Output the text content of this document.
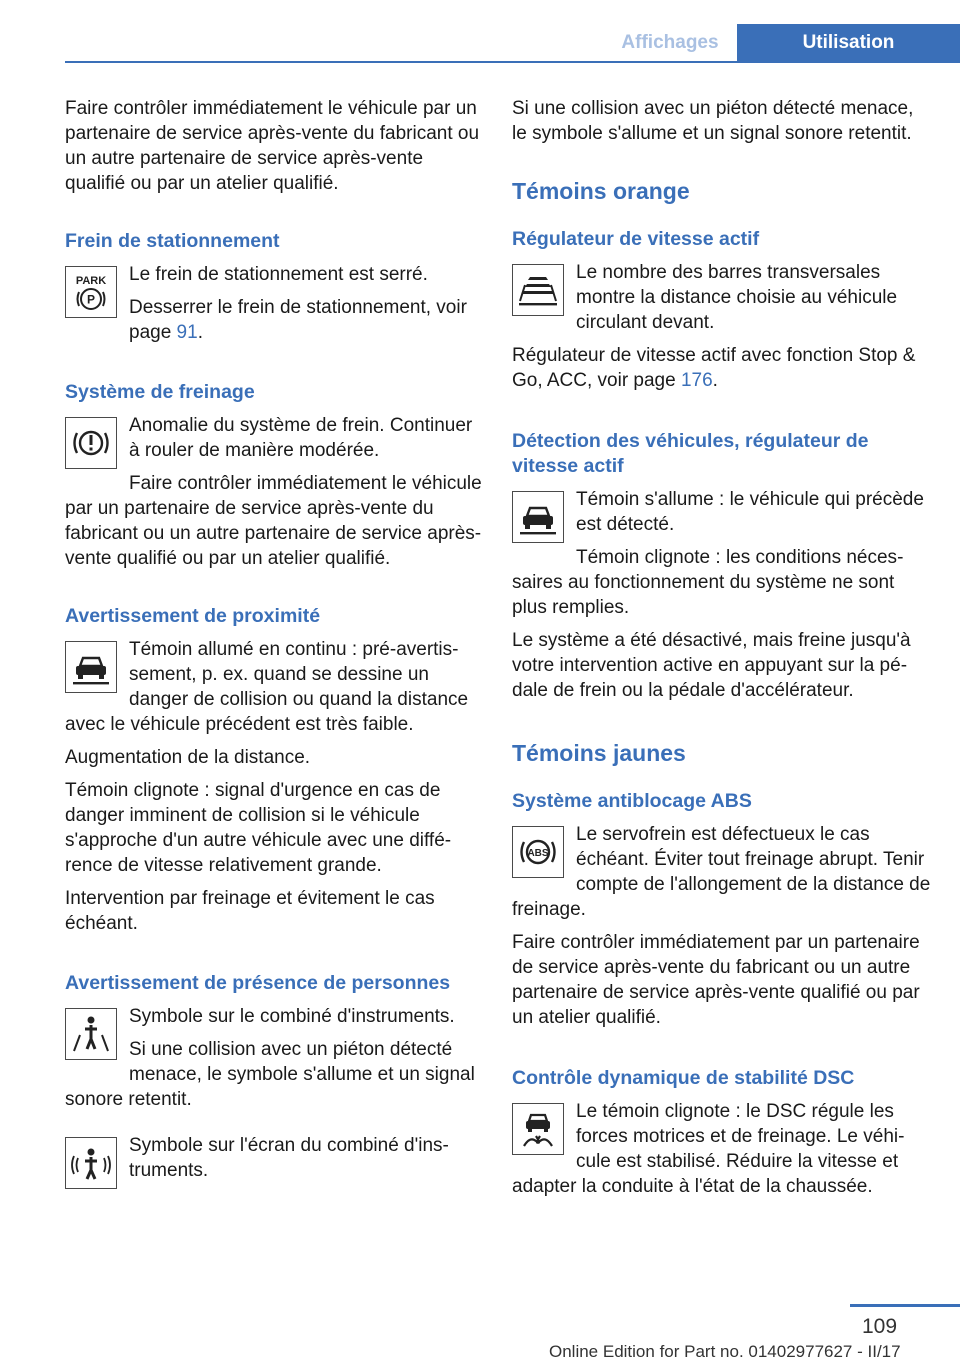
Affichages	Utilisation

Faire contrôler immédiatement le véhicule par un partenaire de service après-vente du fabricant ou un autre partenaire de service après-vente qualifié ou par un atelier qualifié.

Frein de stationnement

PARK
P

Le frein de stationnement est serré.

Desserrer le frein de stationnement, voir page 91.

Système de freinage

Anomalie du système de frein. Continuer à rouler de manière modérée.

Faire contrôler immédiatement le véhicule par un partenaire de service après-vente du fabricant ou un autre partenaire de service après-vente qualifié ou par un atelier qualifié.

Avertissement de proximité

Témoin allumé en continu : pré-avertissement, p. ex. quand se dessine un danger de collision ou quand la distance avec le véhicule précédent est très faible.

Augmentation de la distance.

Témoin clignote : signal d'urgence en cas de danger imminent de collision si le véhicule s'approche d'un autre véhicule avec une différence de vitesse relativement grande.

Intervention par freinage et évitement le cas échéant.

Avertissement de présence de personnes

Symbole sur le combiné d'instruments.

Si une collision avec un piéton détecté menace, le symbole s'allume et un signal sonore retentit.

Symbole sur l'écran du combiné d'instruments.

Si une collision avec un piéton détecté menace, le symbole s'allume et un signal sonore retentit.

Témoins orange

Régulateur de vitesse actif

Le nombre des barres transversales montre la distance choisie au véhicule circulant devant.

Régulateur de vitesse actif avec fonction Stop & Go, ACC, voir page 176.

Détection des véhicules, régulateur de vitesse actif

Témoin s'allume : le véhicule qui précède est détecté.

Témoin clignote : les conditions nécessaires au fonctionnement du système ne sont plus remplies.

Le système a été désactivé, mais freine jusqu'à votre intervention active en appuyant sur la pédale de frein ou la pédale d'accélérateur.

Témoins jaunes

Système antiblocage ABS

ABS

Le servofrein est défectueux le cas échéant. Éviter tout freinage abrupt. Tenir compte de l'allongement de la distance de freinage.

Faire contrôler immédiatement par un partenaire de service après-vente du fabricant ou un autre partenaire de service après-vente qualifié ou par un atelier qualifié.

Contrôle dynamique de stabilité DSC

Le témoin clignote : le DSC régule les forces motrices et de freinage. Le véhicule est stabilisé. Réduire la vitesse et adapter la conduite à l'état de la chaussée.

109
Online Edition for Part no. 01402977627 - II/17
